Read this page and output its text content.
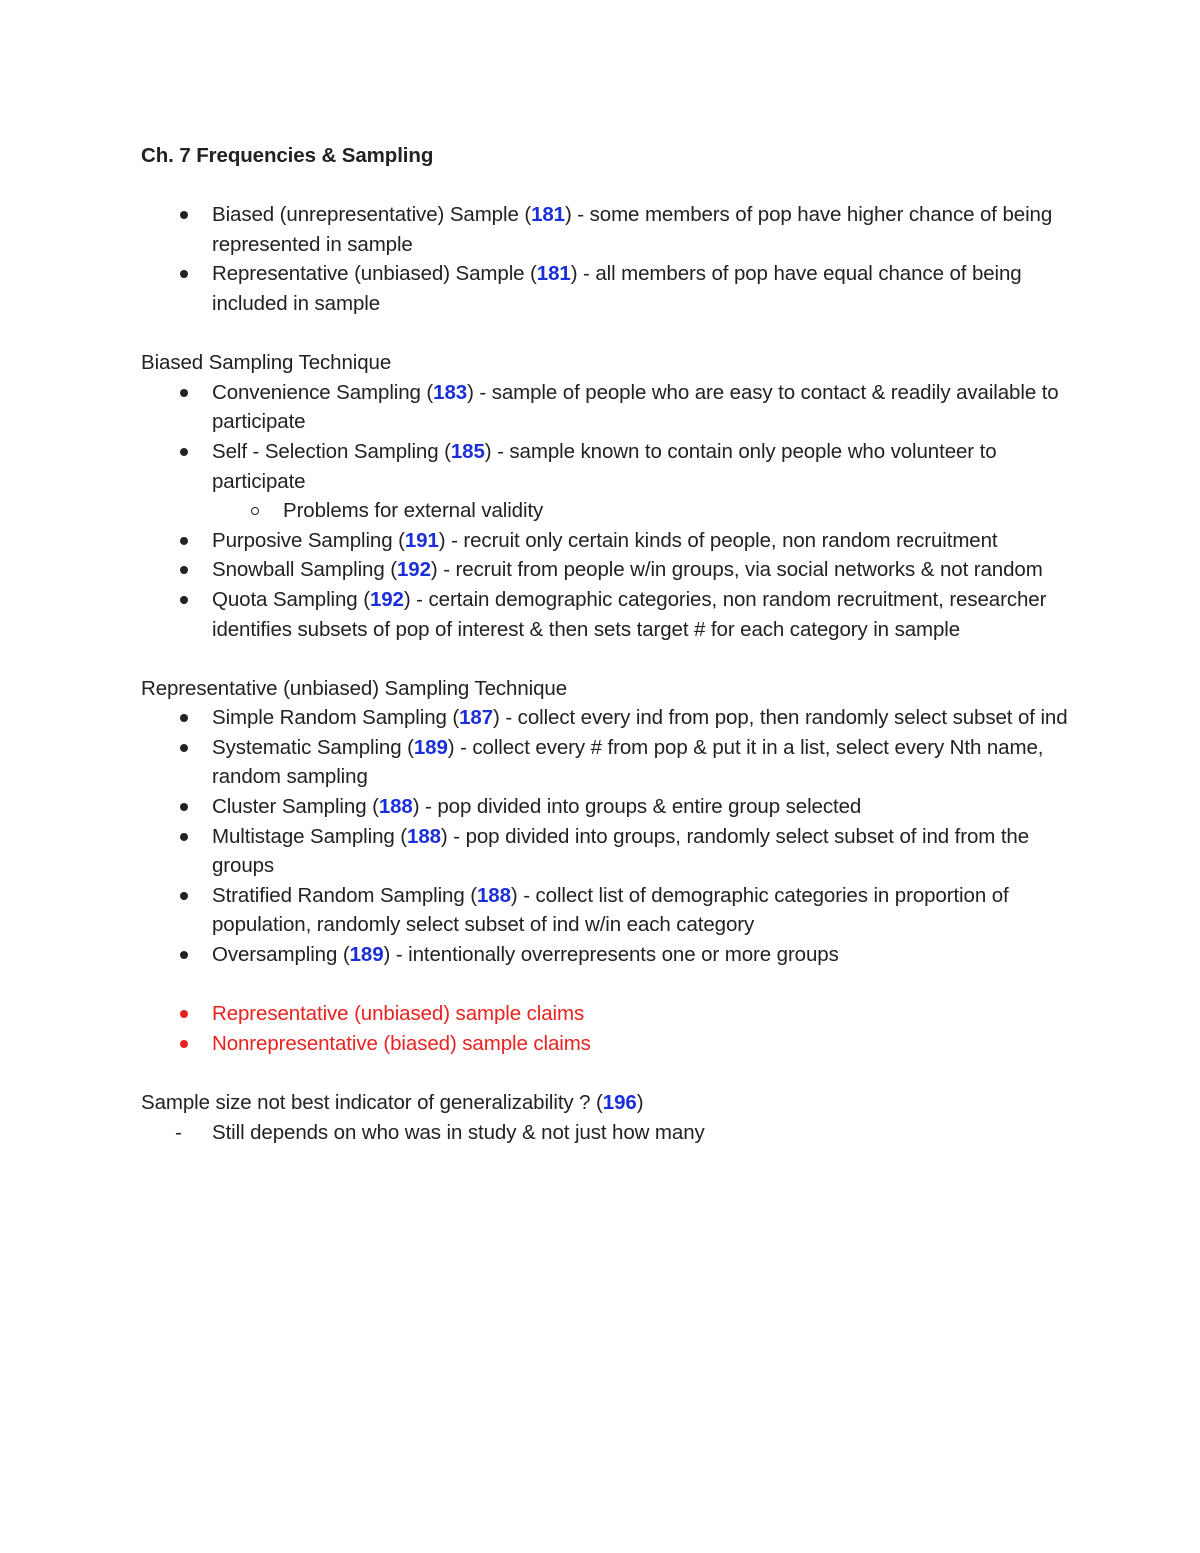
Ch. 7 Frequencies & Sampling
Biased (unrepresentative) Sample (181) - some members of pop have higher chance of being represented in sample
Representative (unbiased) Sample (181) - all members of pop have equal chance of being included in sample

Biased Sampling Technique

Convenience Sampling (183) - sample of people who are easy to contact & readily available to participate
Self - Selection Sampling (185) - sample known to contain only people who volunteer to participate
Problems for external validity
Purposive Sampling (191) - recruit only certain kinds of people, non random recruitment
Snowball Sampling (192) - recruit from people w/in groups, via social networks & not random
Quota Sampling (192) - certain demographic categories, non random recruitment, researcher identifies subsets of pop of interest & then sets target # for each category in sample

Representative (unbiased) Sampling Technique

Simple Random Sampling (187) - collect every ind from pop, then randomly select subset of ind
Systematic Sampling (189) - collect every # from pop & put it in a list, select every Nth name, random sampling
Cluster Sampling (188) - pop divided into groups & entire group selected
Multistage Sampling (188) - pop divided into groups, randomly select subset of ind from the groups
Stratified Random Sampling (188) - collect list of demographic categories in proportion of population, randomly select subset of ind w/in each category
Oversampling (189) - intentionally overrepresents one or more groups
Representative (unbiased) sample claims
Nonrepresentative (biased) sample claims

Sample size not best indicator of generalizability ? (196)

- Still depends on who was in study & not just how many
